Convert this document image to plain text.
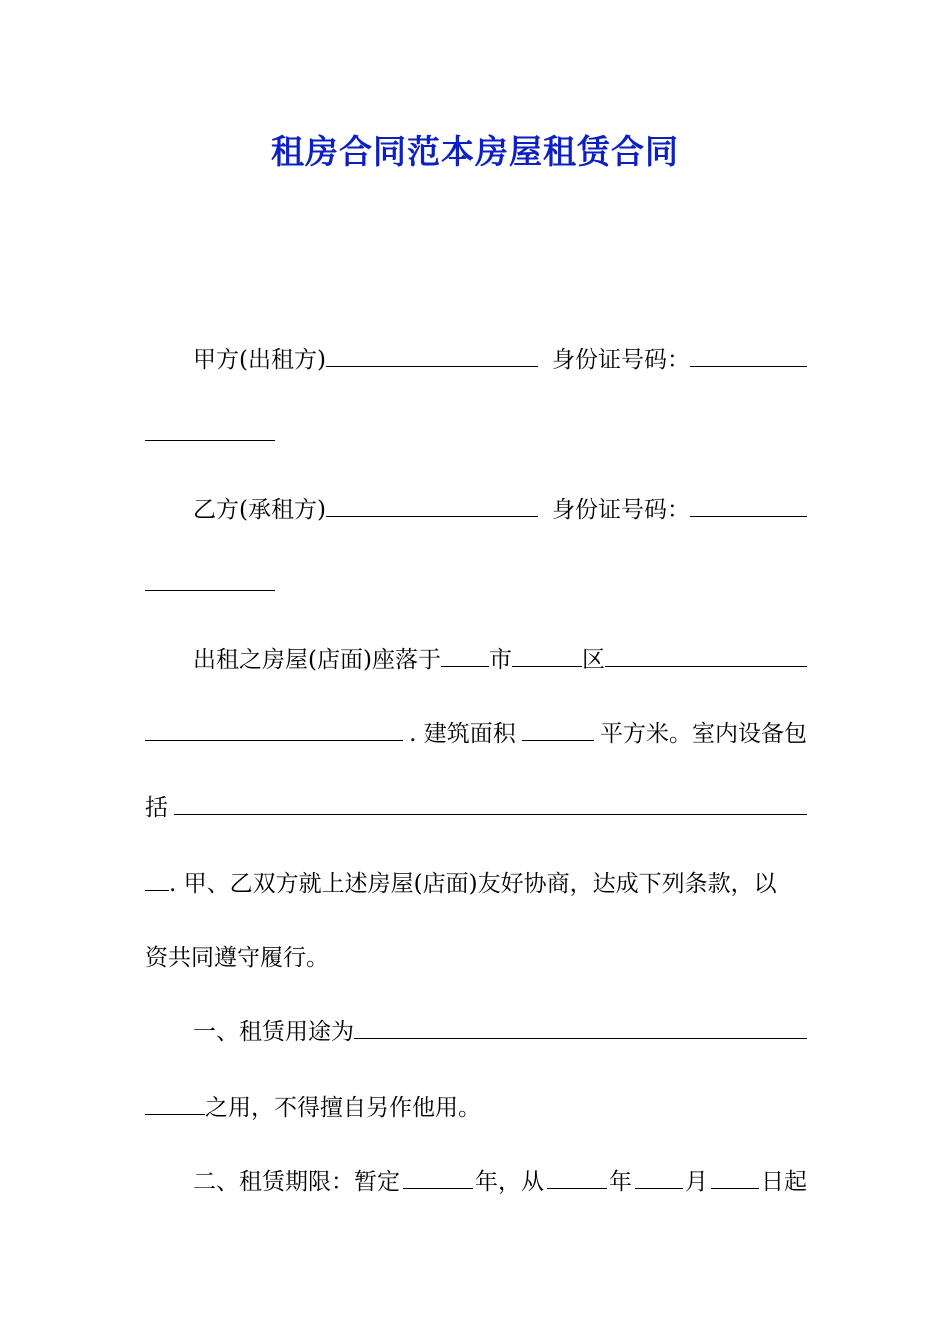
租房合同范本房屋租赁合同
甲方(出租方)	身份证号码：
乙方(承租方)	身份证号码：
出租之房屋(店面)座落于 市	区
. 建筑面积	平方米。室内设备包
括
. 甲、乙双方就上述房屋(店面)友好协商，达成下列条款，以
资共同遵守履行。
一、租赁用途为
之用，不得擅自另作他用。
二、租赁期限：暂定	年，从	年 月 日起
